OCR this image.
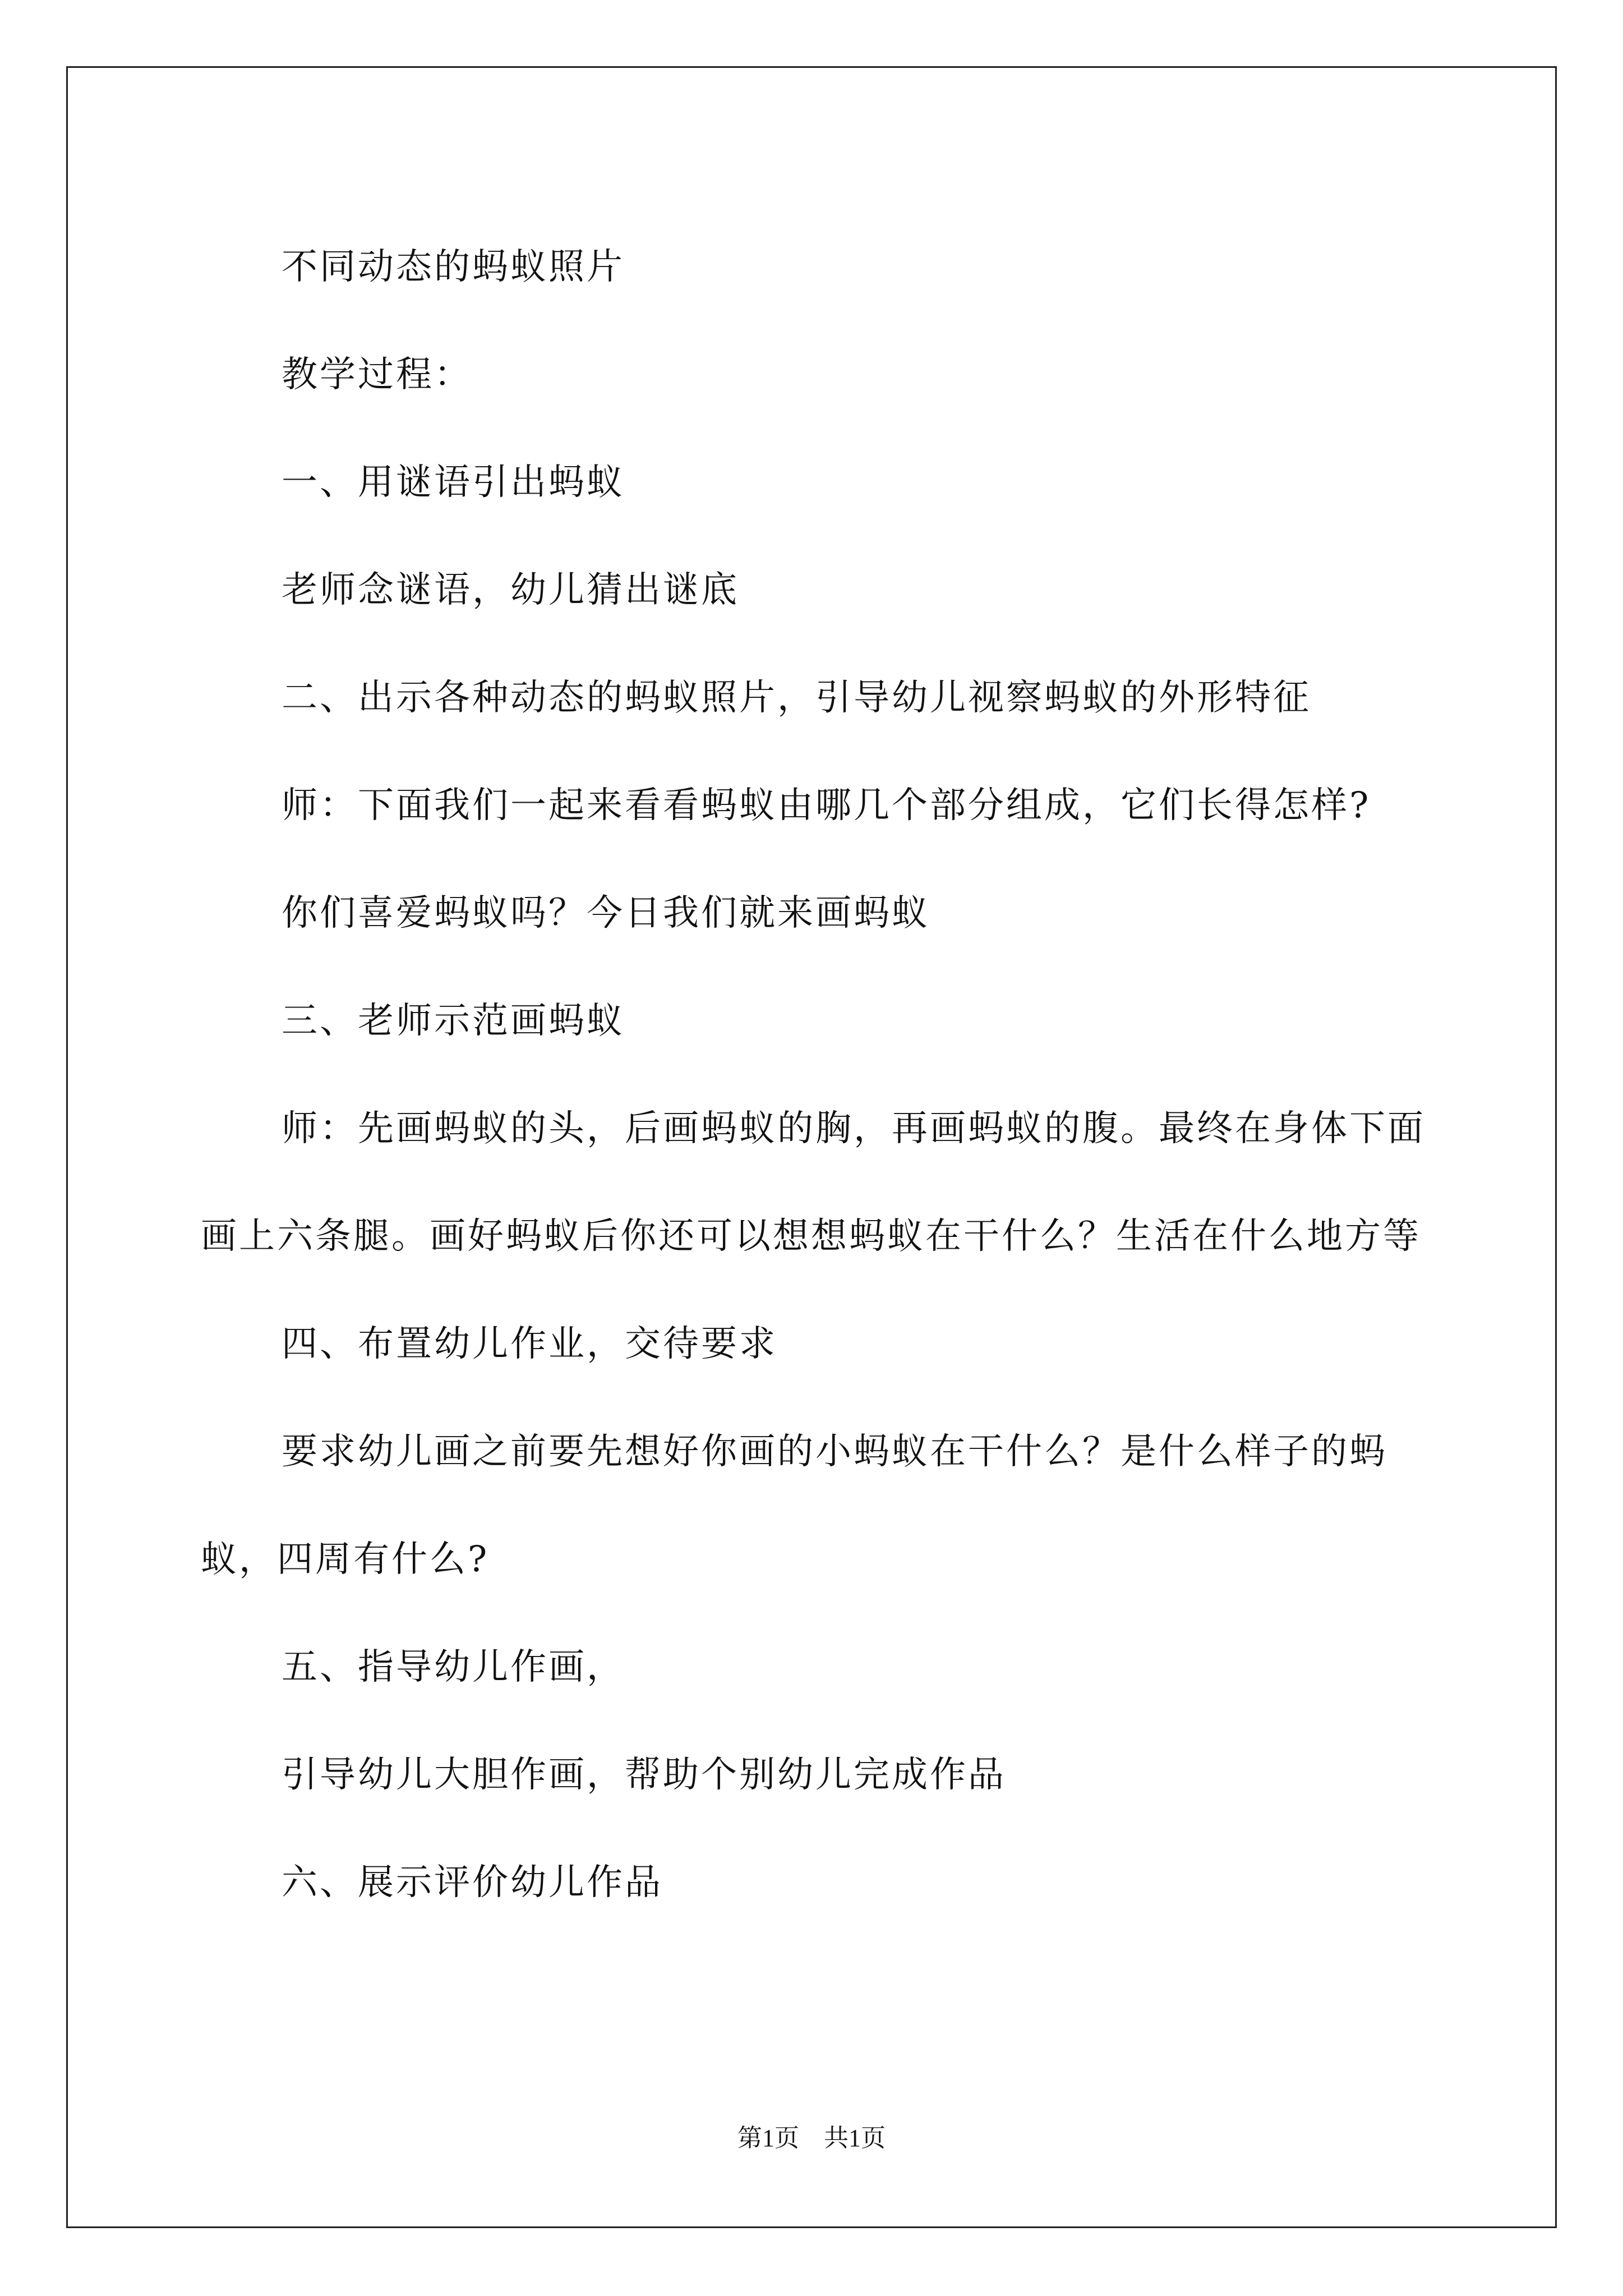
不同动态的蚂蚁照片

教学过程：

一、用谜语引出蚂蚁

老师念谜语，幼儿猜出谜底

二、出示各种动态的蚂蚁照片，引导幼儿视察蚂蚁的外形特征

师：下面我们一起来看看蚂蚁由哪几个部分组成，它们长得怎样?

你们喜爱蚂蚁吗？今日我们就来画蚂蚁

三、老师示范画蚂蚁

师：先画蚂蚁的头，后画蚂蚁的胸，再画蚂蚁的腹。最终在身体下面画上六条腿。画好蚂蚁后你还可以想想蚂蚁在干什么？生活在什么地方等

四、布置幼儿作业，交待要求

要求幼儿画之前要先想好你画的小蚂蚁在干什么？是什么样子的蚂蚁，四周有什么?

五、指导幼儿作画，

引导幼儿大胆作画，帮助个别幼儿完成作品

六、展示评价幼儿作品

第1页　共1页
